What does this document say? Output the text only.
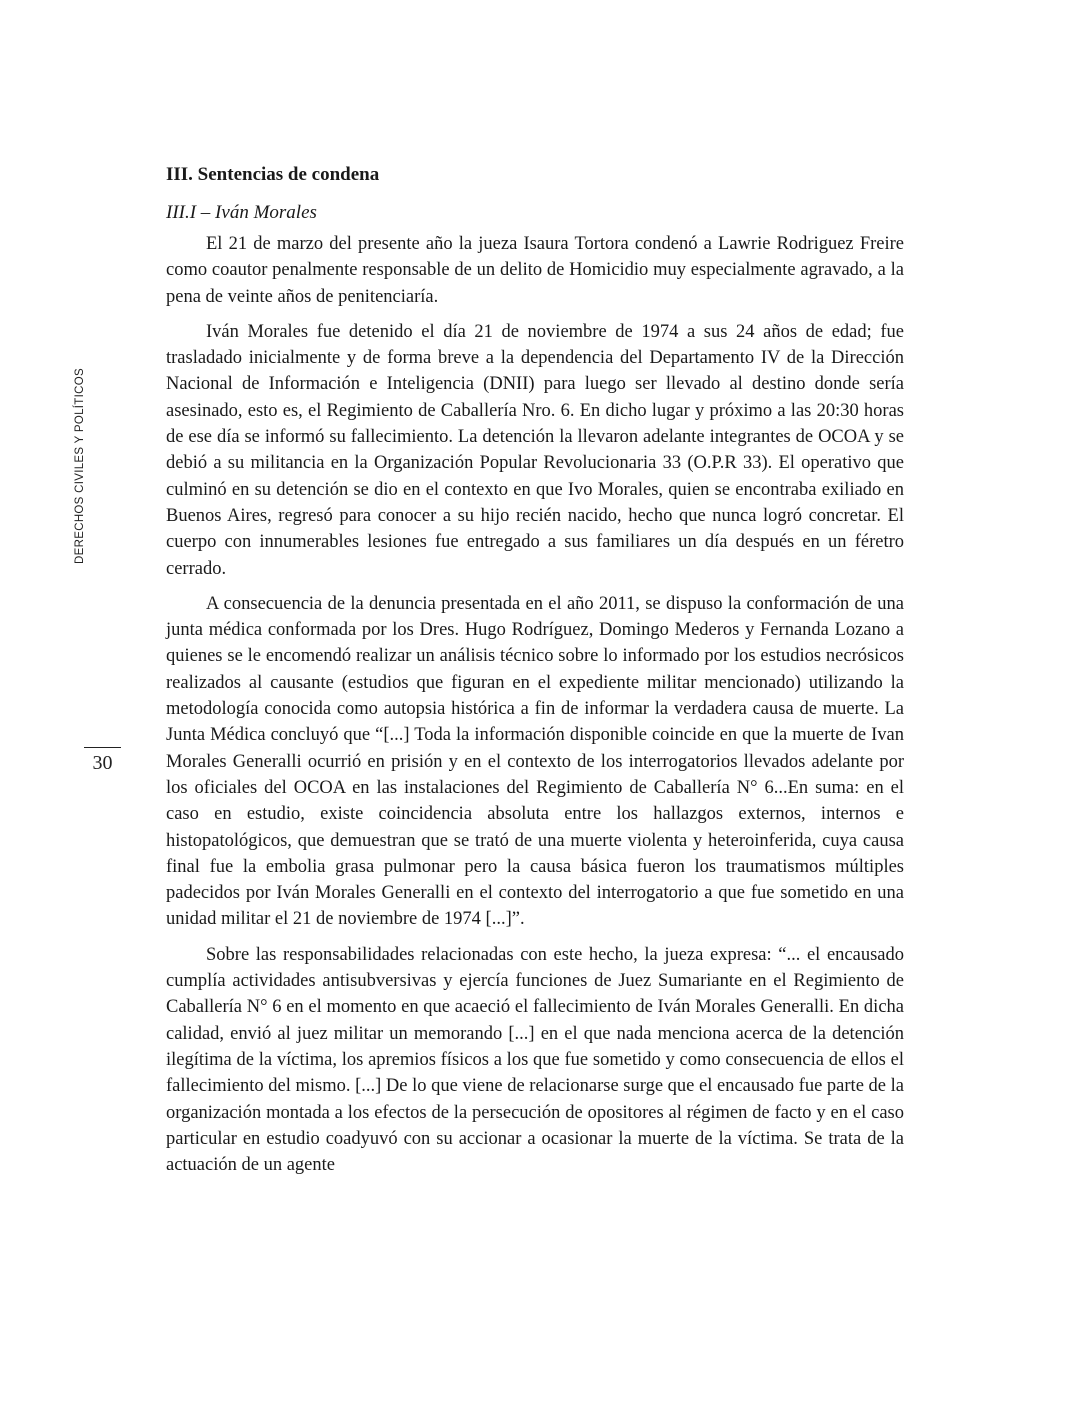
DERECHOS CIVILES Y POLÍTICOS
30
III. Sentencias de condena
III.I – Iván Morales

El 21 de marzo del presente año la jueza Isaura Tortora condenó a Lawrie Rodriguez Freire como coautor penalmente responsable de un delito de Homicidio muy especialmente agravado, a la pena de veinte años de penitenciaría.

Iván Morales fue detenido el día 21 de noviembre de 1974 a sus 24 años de edad; fue trasladado inicialmente y de forma breve a la dependencia del Departamento IV de la Dirección Nacional de Información e Inteligencia (DNII) para luego ser llevado al destino donde sería asesinado, esto es, el Regimiento de Caballería Nro. 6. En dicho lugar y próximo a las 20:30 horas de ese día se informó su fallecimiento. La detención la llevaron adelante integrantes de OCOA y se debió a su militancia en la Organización Popular Revolucionaria 33 (O.P.R 33). El operativo que culminó en su detención se dio en el contexto en que Ivo Morales, quien se encontraba exiliado en Buenos Aires, regresó para conocer a su hijo recién nacido, hecho que nunca logró concretar. El cuerpo con innumerables lesiones fue entregado a sus familiares un día después en un féretro cerrado.

A consecuencia de la denuncia presentada en el año 2011, se dispuso la conformación de una junta médica conformada por los Dres. Hugo Rodríguez, Domingo Mederos y Fernanda Lozano a quienes se le encomendó realizar un análisis técnico sobre lo informado por los estudios necrósicos realizados al causante (estudios que figuran en el expediente militar mencionado) utilizando la metodología conocida como autopsia histórica a fin de informar la verdadera causa de muerte. La Junta Médica concluyó que “[...] Toda la información disponible coincide en que la muerte de Ivan Morales Generalli ocurrió en prisión y en el contexto de los interrogatorios llevados adelante por los oficiales del OCOA en las instalaciones del Regimiento de Caballería N° 6...En suma: en el caso en estudio, existe coincidencia absoluta entre los hallazgos externos, internos e histopatológicos, que demuestran que se trató de una muerte violenta y heteroinferida, cuya causa final fue la embolia grasa pulmonar pero la causa básica fueron los traumatismos múltiples padecidos por Iván Morales Generalli en el contexto del interrogatorio a que fue sometido en una unidad militar el 21 de noviembre de 1974 [...]”.

Sobre las responsabilidades relacionadas con este hecho, la jueza expresa: “... el encausado cumplía actividades antisubversivas y ejercía funciones de Juez Sumariante en el Regimiento de Caballería N° 6 en el momento en que acaeció el fallecimiento de Iván Morales Generalli. En dicha calidad, envió al juez militar un memorando [...] en el que nada menciona acerca de la detención ilegítima de la víctima, los apremios físicos a los que fue sometido y como consecuencia de ellos el fallecimiento del mismo. [...] De lo que viene de relacionarse surge que el encausado fue parte de la organización montada a los efectos de la persecución de opositores al régimen de facto y en el caso particular en estudio coadyuvó con su accionar a ocasionar la muerte de la víctima. Se trata de la actuación de un agente
